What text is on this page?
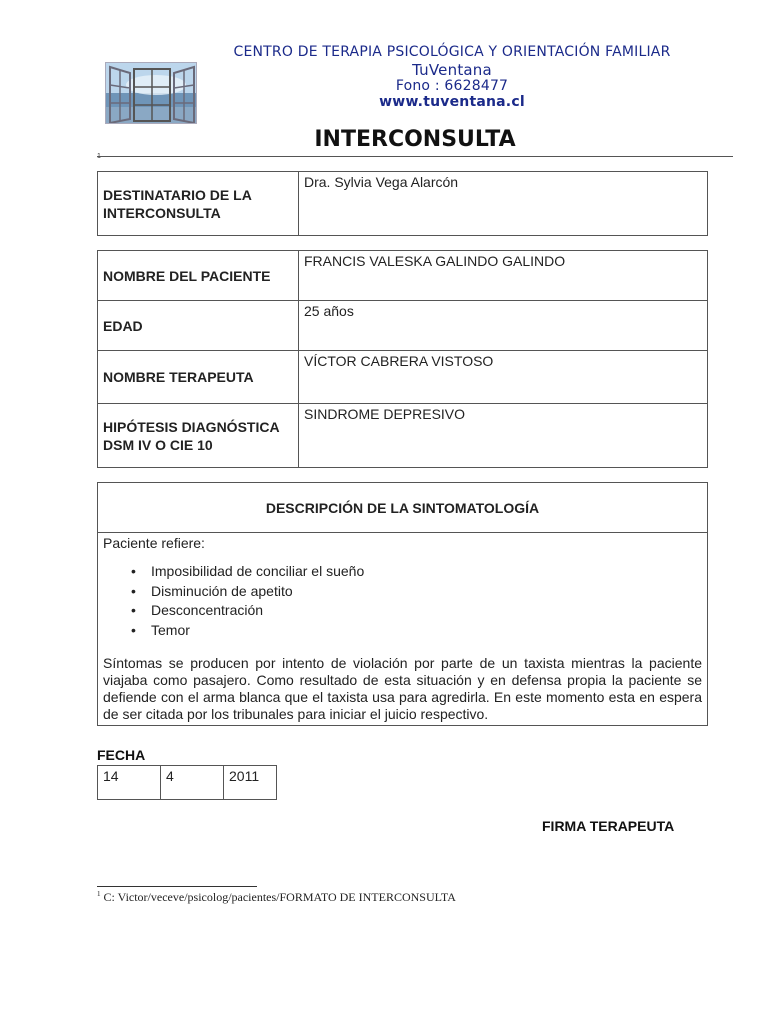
CENTRO DE TERAPIA PSICOLÓGICA Y ORIENTACIÓN FAMILIAR
TuVentana
Fono : 6628477
www.tuventana.cl
INTERCONSULTA
DESTINATARIO DE LA INTERCONSULTA	Dra. Sylvia Vega Alarcón
NOMBRE DEL PACIENTE	FRANCIS VALESKA GALINDO GALINDO
EDAD	25 años
NOMBRE TERAPEUTA	VÍCTOR CABRERA VISTOSO
HIPÓTESIS DIAGNÓSTICA DSM IV O CIE 10	SINDROME DEPRESIVO
DESCRIPCIÓN DE LA SINTOMATOLOGÍA

Paciente refiere:
• Imposibilidad de conciliar el sueño
• Disminución de apetito
• Desconcentración
• Temor
Síntomas se producen por intento de violación por parte de un taxista mientras la paciente viajaba como pasajero. Como resultado de esta situación y en defensa propia la paciente se defiende con el arma blanca que el taxista usa para agredirla. En este momento esta en espera de ser citada por los tribunales para iniciar el juicio respectivo.
FECHA
14	4	2011
FIRMA TERAPEUTA
$^1$ C: Victor/veceve/psicolog/pacientes/FORMATO DE INTERCONSULTA
